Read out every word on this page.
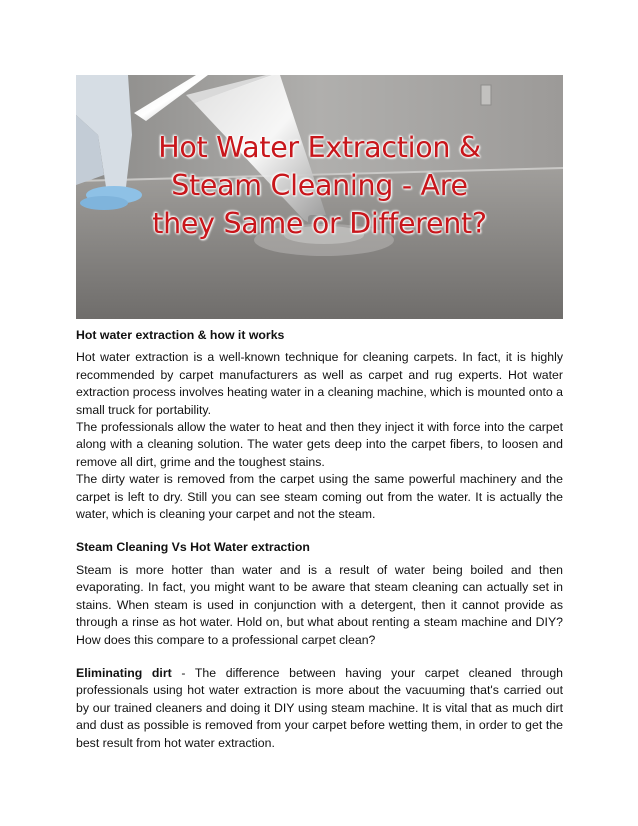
Hot Water Extraction &
Steam Cleaning - Are
they Same or Different?

Hot water extraction & how it works

Hot water extraction is a well-known technique for cleaning carpets. In fact, it is highly recommended by carpet manufacturers as well as carpet and rug experts. Hot water extraction process involves heating water in a cleaning machine, which is mounted onto a small truck for portability.

The professionals allow the water to heat and then they inject it with force into the carpet along with a cleaning solution. The water gets deep into the carpet fibers, to loosen and remove all dirt, grime and the toughest stains.

The dirty water is removed from the carpet using the same powerful machinery and the carpet is left to dry. Still you can see steam coming out from the water. It is actually the water, which is cleaning your carpet and not the steam.

Steam Cleaning Vs Hot Water extraction

Steam is more hotter than water and is a result of water being boiled and then evaporating. In fact, you might want to be aware that steam cleaning can actually set in stains. When steam is used in conjunction with a detergent, then it cannot provide as through a rinse as hot water. Hold on, but what about renting a steam machine and DIY? How does this compare to a professional carpet clean?

Eliminating dirt - The difference between having your carpet cleaned through professionals using hot water extraction is more about the vacuuming that's carried out by our trained cleaners and doing it DIY using steam machine. It is vital that as much dirt and dust as possible is removed from your carpet before wetting them, in order to get the best result from hot water extraction.
